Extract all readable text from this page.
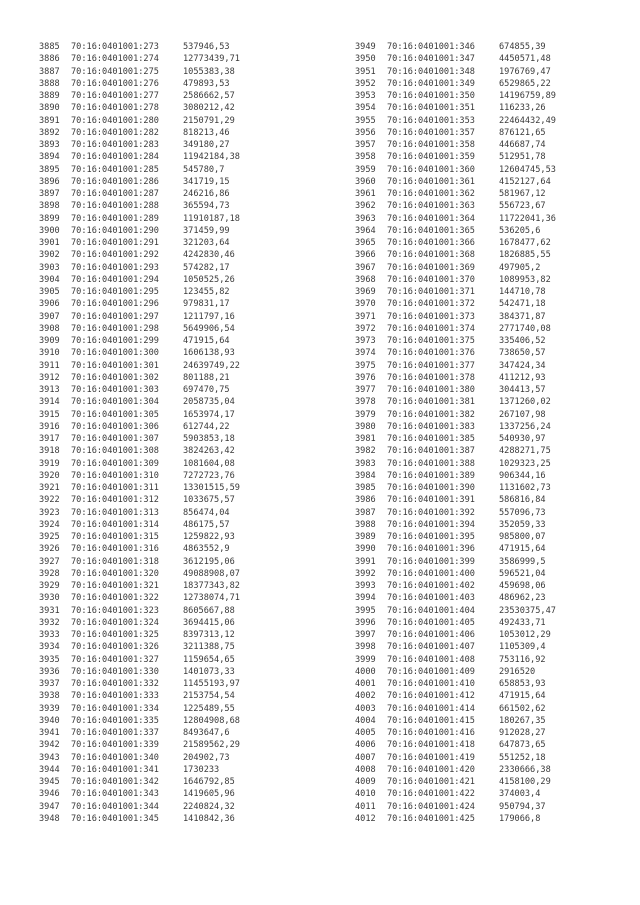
3885 70:16:0401001:273	537946,53
3886 70:16:0401001:274	12773439,71
3887 70:16:0401001:275	1055383,38
3888 70:16:0401001:276	479893,53
3889 70:16:0401001:277	2586662,57
3890 70:16:0401001:278	3080212,42
3891 70:16:0401001:280	2150791,29
3892 70:16:0401001:282	818213,46
3893 70:16:0401001:283	349180,27
3894 70:16:0401001:284	11942184,38
3895 70:16:0401001:285	545780,7
3896 70:16:0401001:286	341719,15
3897 70:16:0401001:287	246216,86
3898 70:16:0401001:288	365594,73
3899 70:16:0401001:289	11910187,18
3900 70:16:0401001:290	371459,99
3901 70:16:0401001:291	321203,64
3902 70:16:0401001:292	4242830,46
3903 70:16:0401001:293	574282,17
3904 70:16:0401001:294	1050525,26
3905 70:16:0401001:295	123455,82
3906 70:16:0401001:296	979831,17
3907 70:16:0401001:297	1211797,16
3908 70:16:0401001:298	5649906,54
3909 70:16:0401001:299	471915,64
3910 70:16:0401001:300	1606138,93
3911 70:16:0401001:301	24639749,22
3912 70:16:0401001:302	801188,21
3913 70:16:0401001:303	697470,75
3914 70:16:0401001:304	2058735,04
3915 70:16:0401001:305	1653974,17
3916 70:16:0401001:306	612744,22
3917 70:16:0401001:307	5903853,18
3918 70:16:0401001:308	3824263,42
3919 70:16:0401001:309	1081604,08
3920 70:16:0401001:310	7272723,76
3921 70:16:0401001:311	13301515,59
3922 70:16:0401001:312	1033675,57
3923 70:16:0401001:313	856474,04
3924 70:16:0401001:314	486175,57
3925 70:16:0401001:315	1259822,93
3926 70:16:0401001:316	4863552,9
3927 70:16:0401001:318	3612195,06
3928 70:16:0401001:320	49088908,07
3929 70:16:0401001:321	18377343,82
3930 70:16:0401001:322	12738074,71
3931 70:16:0401001:323	8605667,88
3932 70:16:0401001:324	3694415,06
3933 70:16:0401001:325	8397313,12
3934 70:16:0401001:326	3211388,75
3935 70:16:0401001:327	1159654,65
3936 70:16:0401001:330	1401073,33
3937 70:16:0401001:332	11455193,97
3938 70:16:0401001:333	2153754,54
3939 70:16:0401001:334	1225489,55
3940 70:16:0401001:335	12804908,68
3941 70:16:0401001:337	8493647,6
3942 70:16:0401001:339	21589562,29
3943 70:16:0401001:340	204902,73
3944 70:16:0401001:341	1730233
3945 70:16:0401001:342	1646792,85
3946 70:16:0401001:343	1419605,96
3947 70:16:0401001:344	2240824,32
3948 70:16:0401001:345	1410842,36
3949 70:16:0401001:346	674855,39
3950 70:16:0401001:347	4450571,48
3951 70:16:0401001:348	1976769,47
3952 70:16:0401001:349	6529865,22
3953 70:16:0401001:350	14196759,89
3954 70:16:0401001:351	116233,26
3955 70:16:0401001:353	22464432,49
3956 70:16:0401001:357	876121,65
3957 70:16:0401001:358	446687,74
3958 70:16:0401001:359	512951,78
3959 70:16:0401001:360	12604745,53
3960 70:16:0401001:361	4152127,64
3961 70:16:0401001:362	581967,12
3962 70:16:0401001:363	556723,67
3963 70:16:0401001:364	11722041,36
3964 70:16:0401001:365	536205,6
3965 70:16:0401001:366	1678477,62
3966 70:16:0401001:368	1826885,55
3967 70:16:0401001:369	497905,2
3968 70:16:0401001:370	1089953,82
3969 70:16:0401001:371	144710,78
3970 70:16:0401001:372	542471,18
3971 70:16:0401001:373	384371,87
3972 70:16:0401001:374	2771740,08
3973 70:16:0401001:375	335406,52
3974 70:16:0401001:376	738650,57
3975 70:16:0401001:377	347424,34
3976 70:16:0401001:378	411212,93
3977 70:16:0401001:380	304413,57
3978 70:16:0401001:381	1371260,02
3979 70:16:0401001:382	267107,98
3980 70:16:0401001:383	1337256,24
3981 70:16:0401001:385	540930,97
3982 70:16:0401001:387	4288271,75
3983 70:16:0401001:388	1029323,25
3984 70:16:0401001:389	906344,16
3985 70:16:0401001:390	1131602,73
3986 70:16:0401001:391	586816,84
3987 70:16:0401001:392	557096,73
3988 70:16:0401001:394	352059,33
3989 70:16:0401001:395	985800,07
3990 70:16:0401001:396	471915,64
3991 70:16:0401001:399	3586999,5
3992 70:16:0401001:400	596521,04
3993 70:16:0401001:402	459698,06
3994 70:16:0401001:403	486962,23
3995 70:16:0401001:404	23530375,47
3996 70:16:0401001:405	492433,71
3997 70:16:0401001:406	1053012,29
3998 70:16:0401001:407	1105309,4
3999 70:16:0401001:408	753116,92
4000 70:16:0401001:409	2916520
4001 70:16:0401001:410	658853,93
4002 70:16:0401001:412	471915,64
4003 70:16:0401001:414	661502,62
4004 70:16:0401001:415	180267,35
4005 70:16:0401001:416	912028,27
4006 70:16:0401001:418	647873,65
4007 70:16:0401001:419	551252,18
4008 70:16:0401001:420	2330666,38
4009 70:16:0401001:421	4158100,29
4010 70:16:0401001:422	374003,4
4011 70:16:0401001:424	950794,37
4012 70:16:0401001:425	179066,8
